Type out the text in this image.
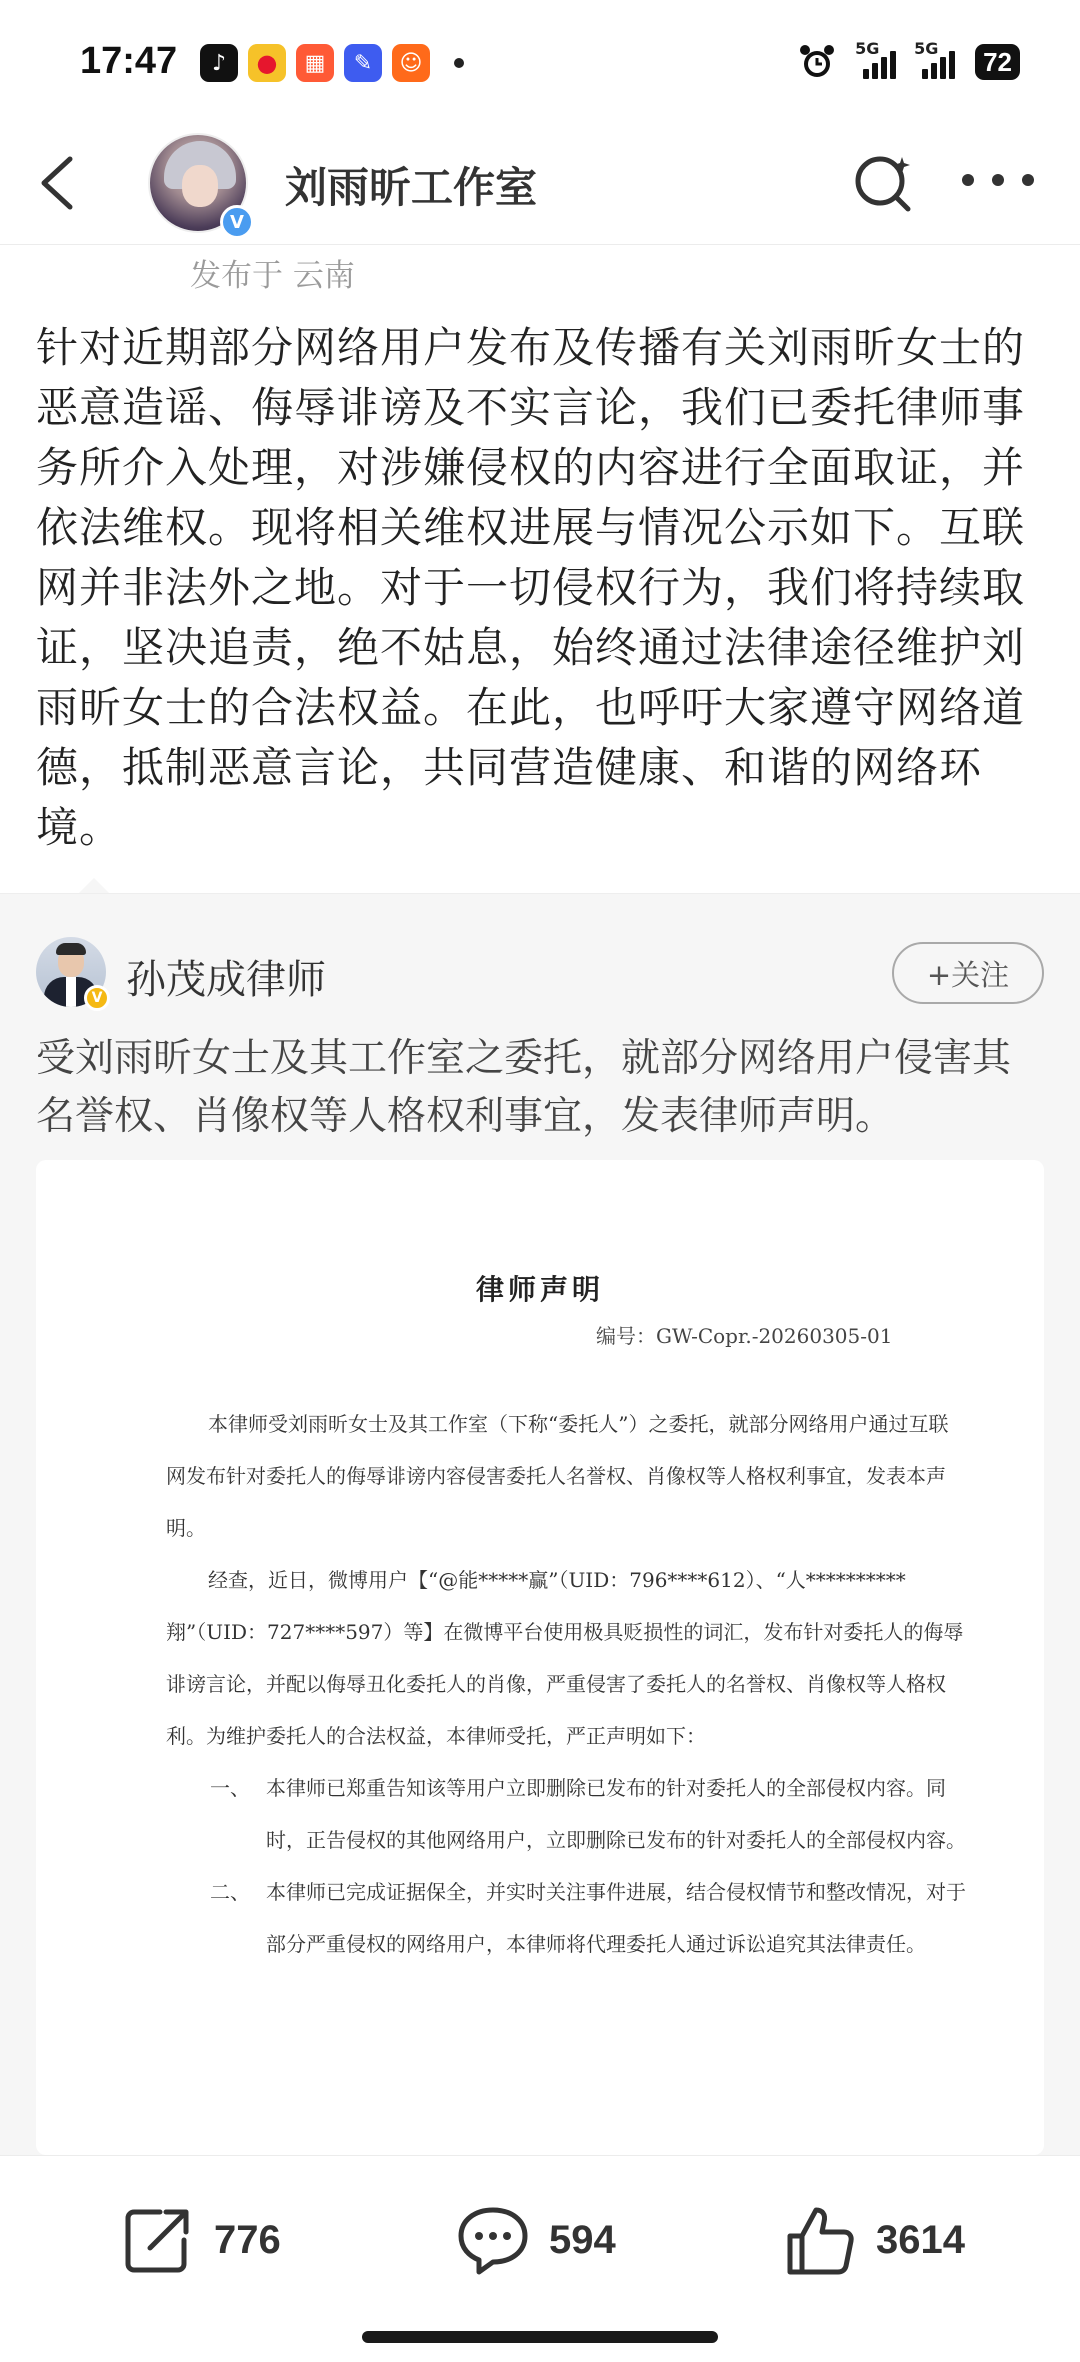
17:47	♪	●	▦	✎	☺
5G 5G	72
V
刘雨昕工作室
发布于 云南
针对近期部分网络用户发布及传播有关刘雨昕女士的恶意造谣、侮辱诽谤及不实言论，我们已委托律师事务所介入处理，对涉嫌侵权的内容进行全面取证，并依法维权。现将相关维权进展与情况公示如下。互联网并非法外之地。对于一切侵权行为，我们将持续取证，坚决追责，绝不姑息，始终通过法律途径维护刘雨昕女士的合法权益。在此，也呼吁大家遵守网络道德，抵制恶意言论，共同营造健康、和谐的网络环境。
V 孙茂成律师	+关注
受刘雨昕女士及其工作室之委托，就部分网络用户侵害其名誉权、肖像权等人格权利事宜，发表律师声明。
律师声明
编号：GW-Copr.-20260305-01

本律师受刘雨昕女士及其工作室（下称“委托人”）之委托，就部分网络用户通过互联网发布针对委托人的侮辱诽谤内容侵害委托人名誉权、肖像权等人格权利事宜，发表本声明。

经查，近日，微博用户【“@能*****赢”（UID：796****612）、“人**********翔”（UID：727****597）等】在微博平台使用极具贬损性的词汇，发布针对委托人的侮辱诽谤言论，并配以侮辱丑化委托人的肖像，严重侵害了委托人的名誉权、肖像权等人格权利。为维护委托人的合法权益，本律师受托，严正声明如下：

一、 本律师已郑重告知该等用户立即删除已发布的针对委托人的全部侵权内容。同时，正告侵权的其他网络用户，立即删除已发布的针对委托人的全部侵权内容。
二、 本律师已完成证据保全，并实时关注事件进展，结合侵权情节和整改情况，对于部分严重侵权的网络用户，本律师将代理委托人通过诉讼追究其法律责任。
776	594	3614
